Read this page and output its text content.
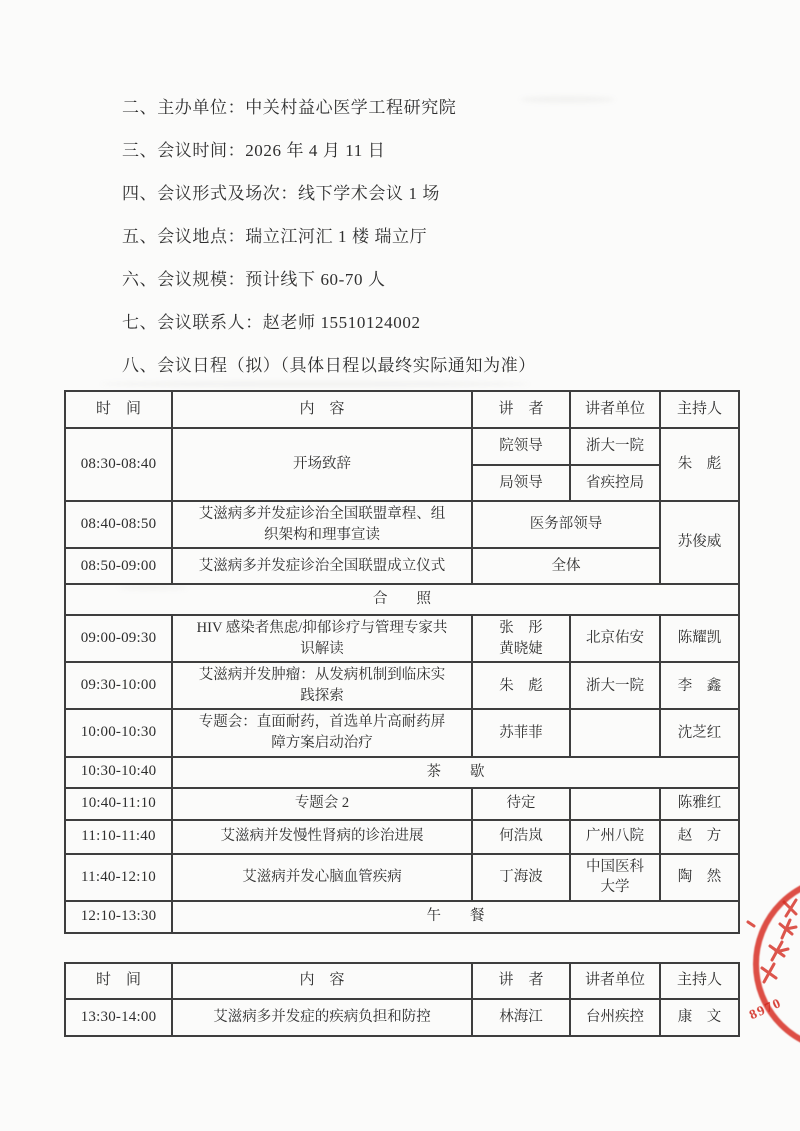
二、主办单位：中关村益心医学工程研究院

三、会议时间：2026 年 4 月 11 日

四、会议形式及场次：线下学术会议 1 场

五、会议地点：瑞立江河汇 1 楼 瑞立厅

六、会议规模：预计线下 60-70 人

七、会议联系人：赵老师 15510124002

八、会议日程（拟）（具体日程以最终实际通知为准）

时　间	内　容	讲　者	讲者单位	主持人
08:30-08:40	开场致辞	院领导	浙大一院	朱　彪
		局领导	省疾控局	
08:40-08:50	艾滋病多并发症诊治全国联盟章程、组
织架构和理事宣读	医务部领导		苏俊威
08:50-09:00	艾滋病多并发症诊治全国联盟成立仪式	全体		
合　　照				
09:00-09:30	HIV 感染者焦虑/抑郁诊疗与管理专家共
识解读	张　彤
黄晓婕	北京佑安	陈耀凯
09:30-10:00	艾滋病并发肿瘤：从发病机制到临床实
践探索	朱　彪	浙大一院	李　鑫
10:00-10:30	专题会：直面耐药，首选单片高耐药屏
障方案启动治疗	苏菲菲		沈芝红
10:30-10:40	茶　　歇			
10:40-11:10	专题会 2	待定		陈雅红
11:10-11:40	艾滋病并发慢性肾病的诊治进展	何浩岚	广州八院	赵　方
11:40-12:10	艾滋病并发心脑血管疾病	丁海波	中国医科
大学	陶　然
12:10-13:30	午　　餐			
时　间	内　容	讲　者	讲者单位	主持人
13:30-14:00	艾滋病多并发症的疾病负担和防控	林海江	台州疾控	康　文 8970
